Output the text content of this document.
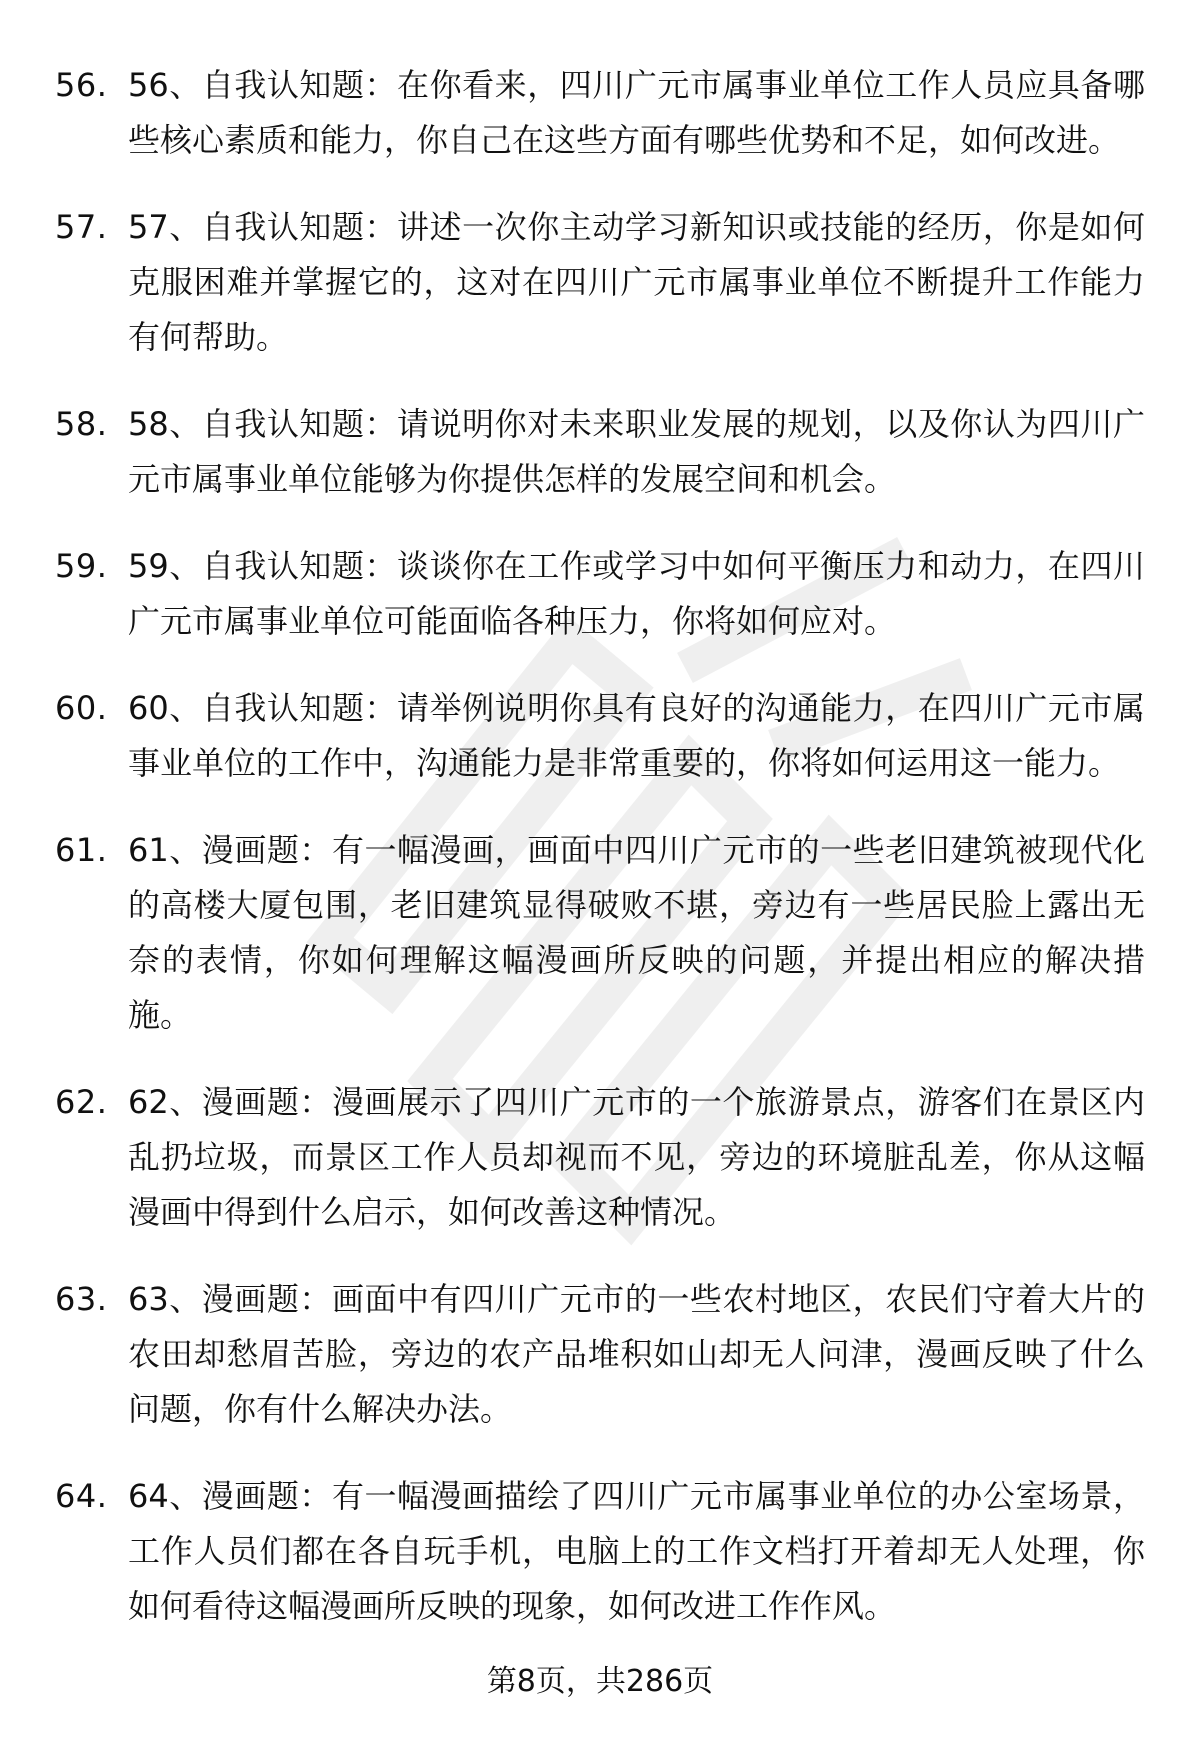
56. 56、自我认知题：在你看来，四川广元市属事业单位工作人员应具备哪些核心素质和能力，你自己在这些方面有哪些优势和不足，如何改进。
57. 57、自我认知题：讲述一次你主动学习新知识或技能的经历，你是如何克服困难并掌握它的，这对在四川广元市属事业单位不断提升工作能力有何帮助。
58. 58、自我认知题：请说明你对未来职业发展的规划，以及你认为四川广元市属事业单位能够为你提供怎样的发展空间和机会。
59. 59、自我认知题：谈谈你在工作或学习中如何平衡压力和动力，在四川广元市属事业单位可能面临各种压力，你将如何应对。
60. 60、自我认知题：请举例说明你具有良好的沟通能力，在四川广元市属事业单位的工作中，沟通能力是非常重要的，你将如何运用这一能力。
61. 61、漫画题：有一幅漫画，画面中四川广元市的一些老旧建筑被现代化的高楼大厦包围，老旧建筑显得破败不堪，旁边有一些居民脸上露出无奈的表情，你如何理解这幅漫画所反映的问题，并提出相应的解决措施。
62. 62、漫画题：漫画展示了四川广元市的一个旅游景点，游客们在景区内乱扔垃圾，而景区工作人员却视而不见，旁边的环境脏乱差，你从这幅漫画中得到什么启示，如何改善这种情况。
63. 63、漫画题：画面中有四川广元市的一些农村地区，农民们守着大片的农田却愁眉苦脸，旁边的农产品堆积如山却无人问津，漫画反映了什么问题，你有什么解决办法。
64. 64、漫画题：有一幅漫画描绘了四川广元市属事业单位的办公室场景，工作人员们都在各自玩手机，电脑上的工作文档打开着却无人处理，你如何看待这幅漫画所反映的现象，如何改进工作作风。
第8页，共286页
